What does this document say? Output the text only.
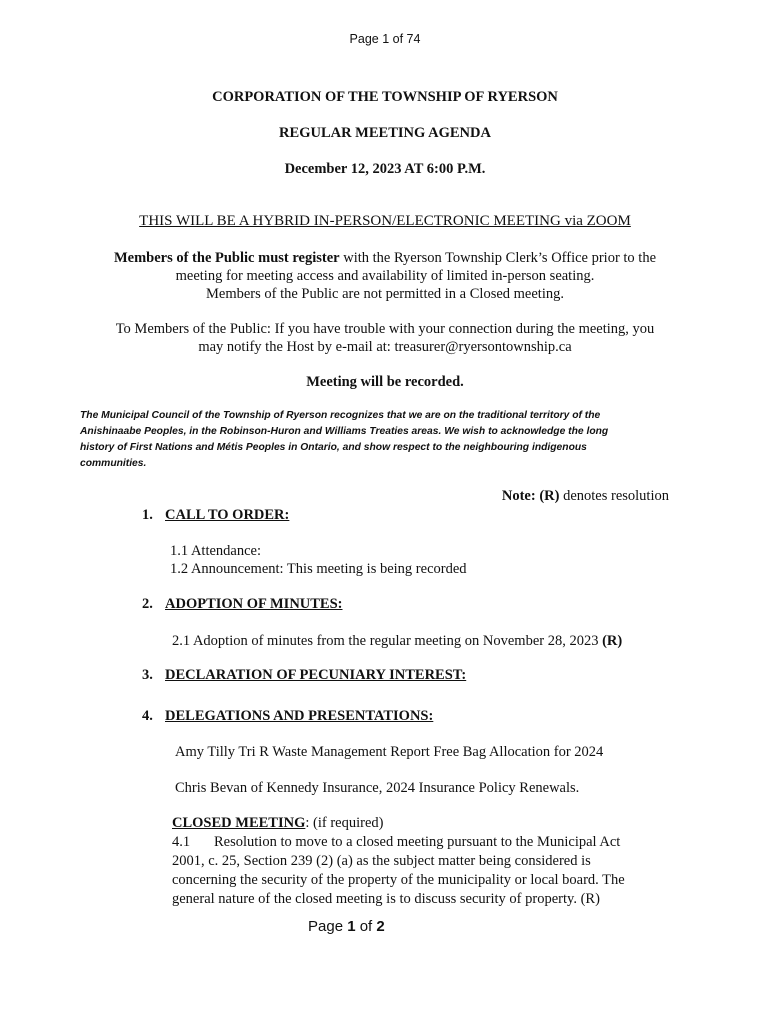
Page 1 of 74
CORPORATION OF THE TOWNSHIP OF RYERSON
REGULAR MEETING AGENDA
December 12, 2023 AT 6:00 P.M.
THIS WILL BE A HYBRID IN-PERSON/ELECTRONIC MEETING via ZOOM
Members of the Public must register with the Ryerson Township Clerk’s Office prior to the
meeting for meeting access and availability of limited in-person seating.
Members of the Public are not permitted in a Closed meeting.
To Members of the Public: If you have trouble with your connection during the meeting, you
may notify the Host by e-mail at: treasurer@ryersontownship.ca
Meeting will be recorded.
The Municipal Council of the Township of Ryerson recognizes that we are on the traditional territory of the
Anishinaabe Peoples, in the Robinson-Huron and Williams Treaties areas. We wish to acknowledge the long
history of First Nations and Métis Peoples in Ontario, and show respect to the neighbouring indigenous
communities.
Note: (R) denotes resolution
1. CALL TO ORDER:
1.1 Attendance:
1.2 Announcement: This meeting is being recorded
2. ADOPTION OF MINUTES:
2.1 Adoption of minutes from the regular meeting on November 28, 2023 (R)
3. DECLARATION OF PECUNIARY INTEREST:
4. DELEGATIONS AND PRESENTATIONS:
Amy Tilly Tri R Waste Management Report Free Bag Allocation for 2024
Chris Bevan of Kennedy Insurance, 2024 Insurance Policy Renewals.
CLOSED MEETING: (if required)
4.1 Resolution to move to a closed meeting pursuant to the Municipal Act
2001, c. 25, Section 239 (2) (a) as the subject matter being considered is
concerning the security of the property of the municipality or local board. The
general nature of the closed meeting is to discuss security of property. (R)
Page 1 of 2
